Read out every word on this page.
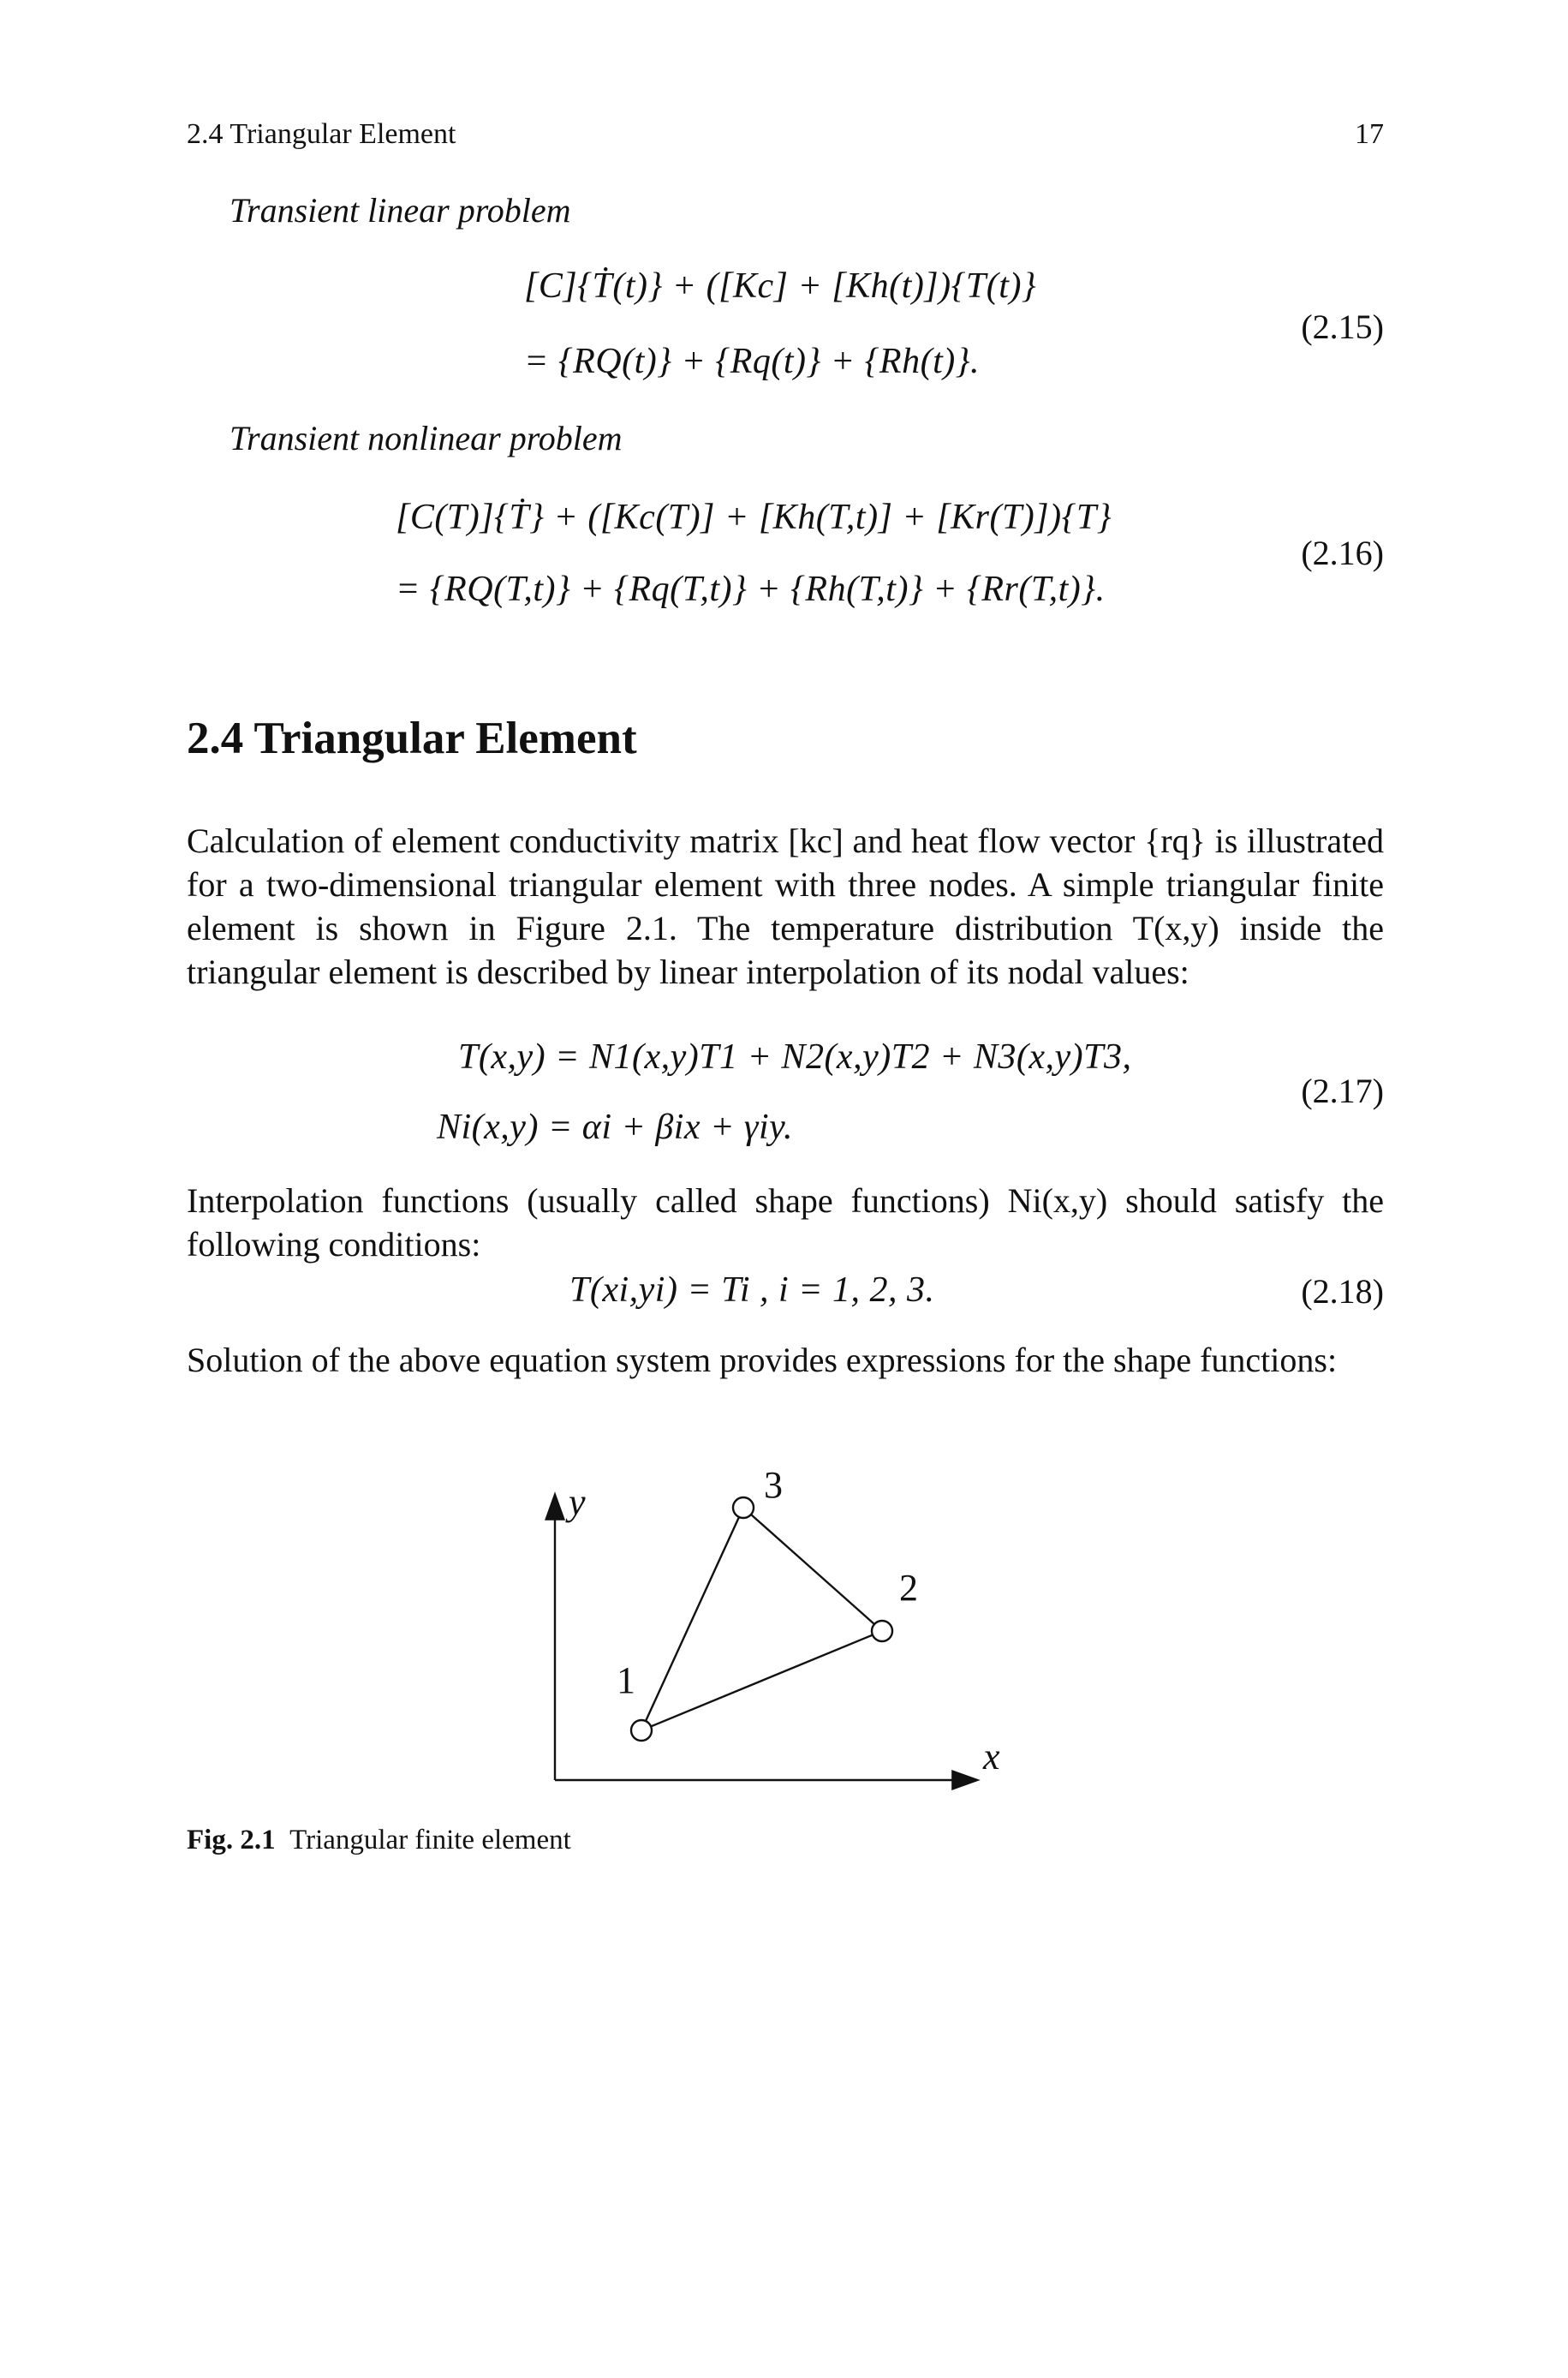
2.4 Triangular Element	17
Transient linear problem
[C]{Ṫ(t)} + ([Kc] + [Kh(t)]){T(t)}
= {RQ(t)} + {Rq(t)} + {Rh(t)}.
(2.15)
Transient nonlinear problem
[C(T)]{Ṫ} + ([Kc(T)] + [Kh(T,t)] + [Kr(T)]){T}
= {RQ(T,t)} + {Rq(T,t)} + {Rh(T,t)} + {Rr(T,t)}.
(2.16)
2.4 Triangular Element
Calculation of element conductivity matrix [kc] and heat flow vector {rq} is illustrated for a two-dimensional triangular element with three nodes. A simple triangular finite element is shown in Figure 2.1. The temperature distribution T(x,y) inside the triangular element is described by linear interpolation of its nodal values:
T(x,y) = N1(x,y)T1 + N2(x,y)T2 + N3(x,y)T3,
Ni(x,y) = αi + βix + γiy.
(2.17)
Interpolation functions (usually called shape functions) Ni(x,y) should satisfy the following conditions:
T(xi,yi) = Ti , i = 1, 2, 3.	(2.18)
Solution of the above equation system provides expressions for the shape functions:
y
x
1
2
3
Fig. 2.1 Triangular finite element
